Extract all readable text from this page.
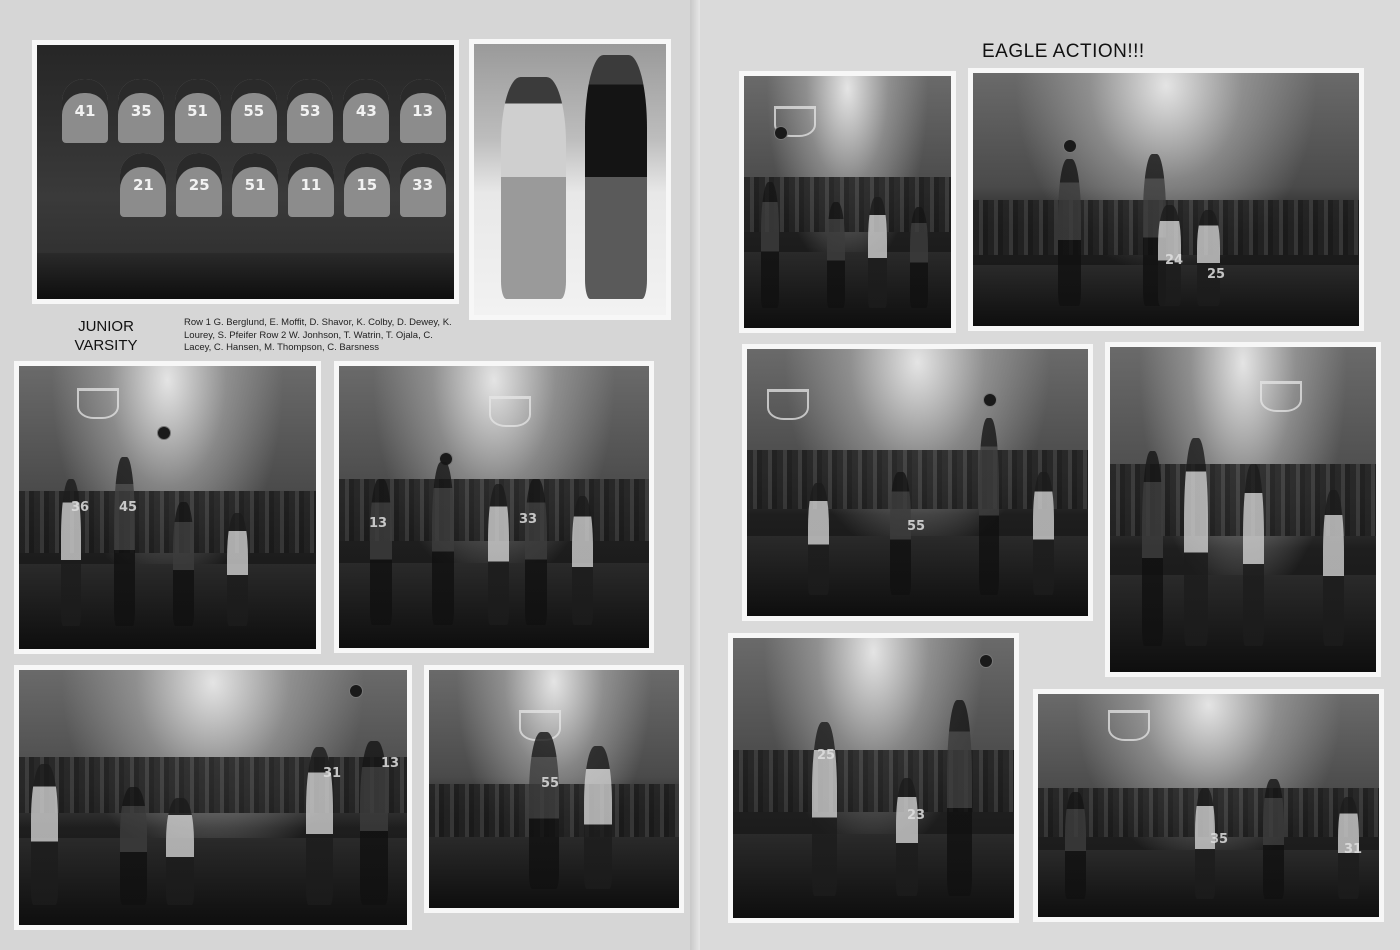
41	35	51	55	53	43	13
21	25	51	11	15	33
JUNIOR
VARSITY
Row 1 G. Berglund, E. Moffit, D. Shavor, K. Colby, D. Dewey, K. Lourey, S. Pfeifer Row 2 W. Jonhson, T. Watrin, T. Ojala, C. Lacey, C. Hansen, M. Thompson, C. Barsness
36 45
13	33
31
13
55
EAGLE ACTION!!!
24
25
55
25
23
35
31
